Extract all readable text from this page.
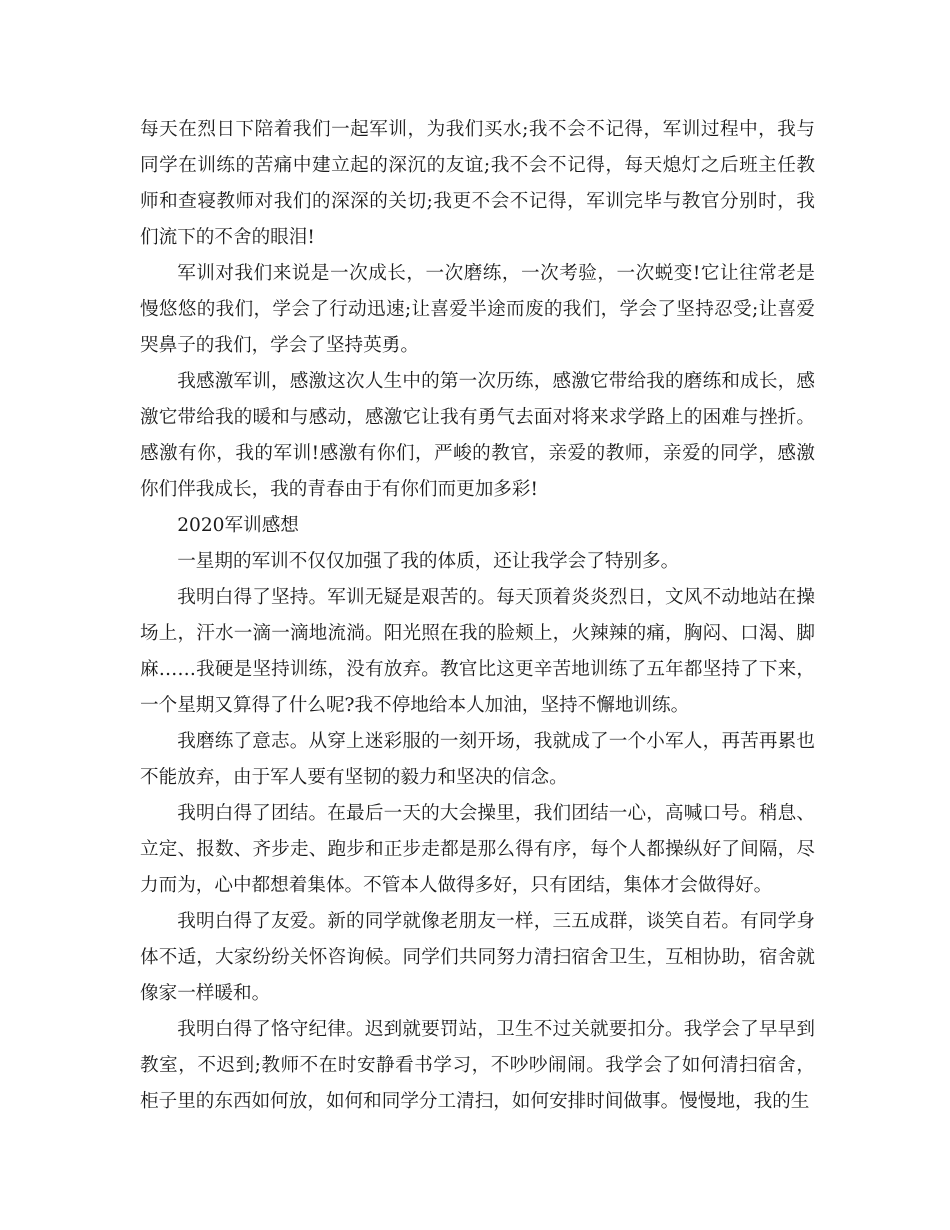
每天在烈日下陪着我们一起军训，为我们买水;我不会不记得，军训过程中，我与同学在训练的苦痛中建立起的深沉的友谊;我不会不记得，每天熄灯之后班主任教师和查寝教师对我们的深深的关切;我更不会不记得，军训完毕与教官分别时，我们流下的不舍的眼泪!

军训对我们来说是一次成长，一次磨练，一次考验，一次蜕变!它让往常老是慢悠悠的我们，学会了行动迅速;让喜爱半途而废的我们，学会了坚持忍受;让喜爱哭鼻子的我们，学会了坚持英勇。

我感激军训，感激这次人生中的第一次历练，感激它带给我的磨练和成长，感激它带给我的暖和与感动，感激它让我有勇气去面对将来求学路上的困难与挫折。感激有你，我的军训!感激有你们，严峻的教官，亲爱的教师，亲爱的同学，感激你们伴我成长，我的青春由于有你们而更加多彩!

2020军训感想

一星期的军训不仅仅加强了我的体质，还让我学会了特别多。

我明白得了坚持。军训无疑是艰苦的。每天顶着炎炎烈日，文风不动地站在操场上，汗水一滴一滴地流淌。阳光照在我的脸颊上，火辣辣的痛，胸闷、口渴、脚麻……我硬是坚持训练，没有放弃。教官比这更辛苦地训练了五年都坚持了下来，一个星期又算得了什么呢?我不停地给本人加油，坚持不懈地训练。

我磨练了意志。从穿上迷彩服的一刻开场，我就成了一个小军人，再苦再累也不能放弃，由于军人要有坚韧的毅力和坚决的信念。

我明白得了团结。在最后一天的大会操里，我们团结一心，高喊口号。稍息、立定、报数、齐步走、跑步和正步走都是那么得有序，每个人都操纵好了间隔，尽力而为，心中都想着集体。不管本人做得多好，只有团结，集体才会做得好。

我明白得了友爱。新的同学就像老朋友一样，三五成群，谈笑自若。有同学身体不适，大家纷纷关怀咨询候。同学们共同努力清扫宿舍卫生，互相协助，宿舍就像家一样暖和。

我明白得了恪守纪律。迟到就要罚站，卫生不过关就要扣分。我学会了早早到教室，不迟到;教师不在时安静看书学习，不吵吵闹闹。我学会了如何清扫宿舍，柜子里的东西如何放，如何和同学分工清扫，如何安排时间做事。慢慢地，我的生
